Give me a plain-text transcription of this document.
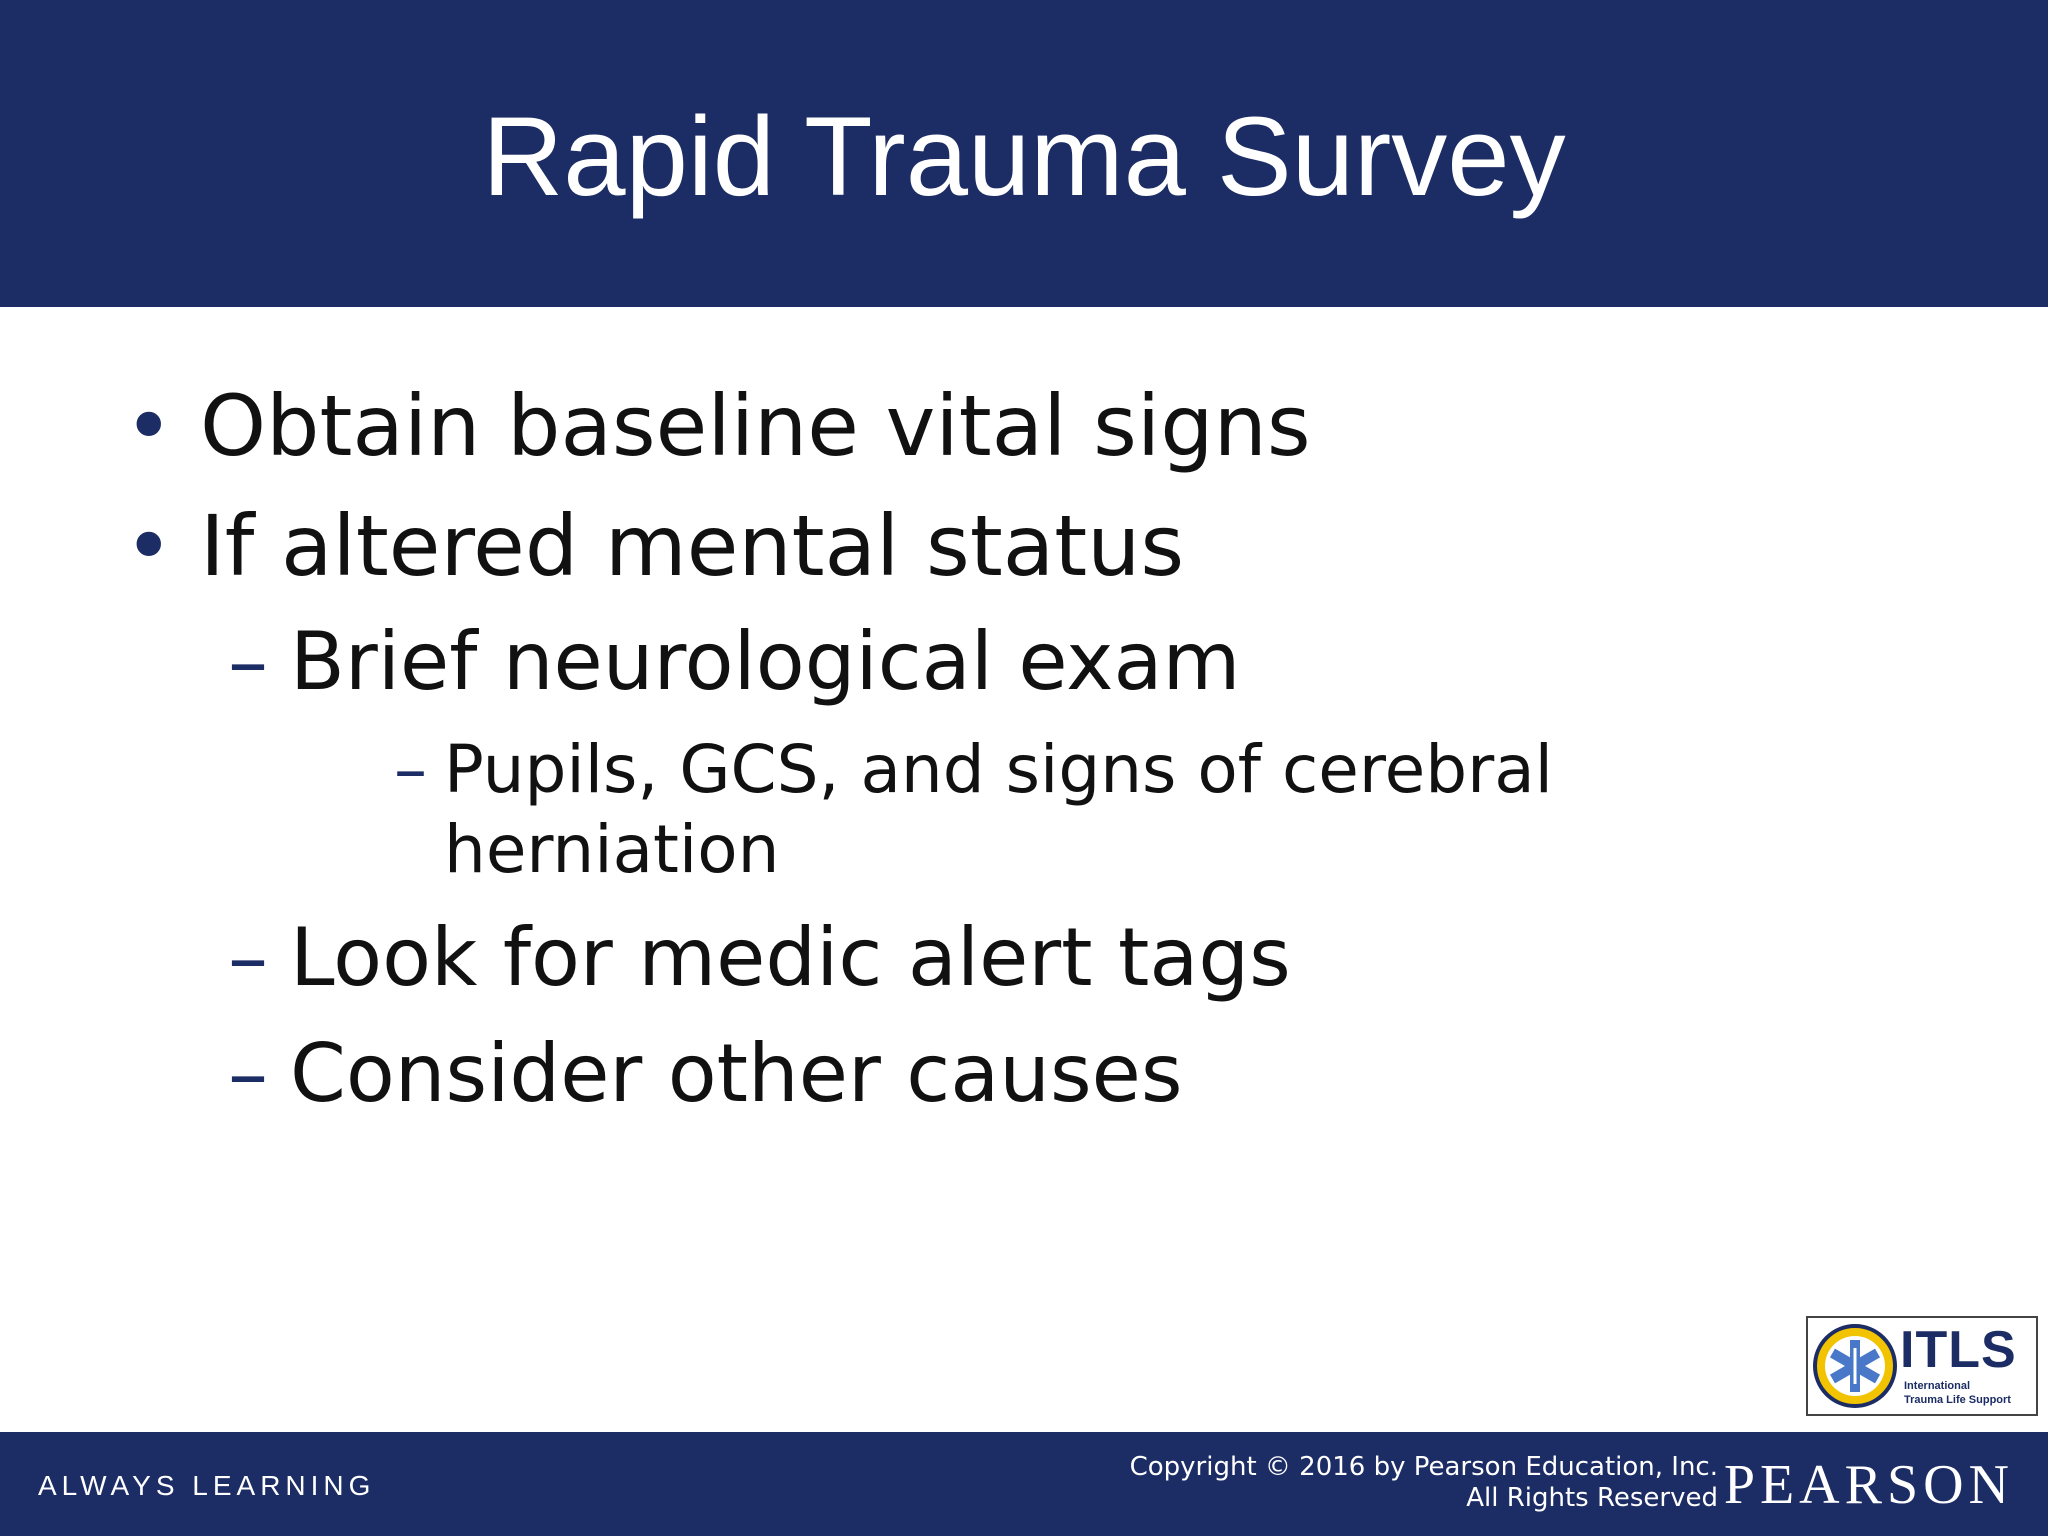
Rapid Trauma Survey
• Obtain baseline vital signs
• If altered mental status
– Brief neurological exam
– Pupils, GCS, and signs of cerebral
herniation
– Look for medic alert tags
– Consider other causes
ITLS
International
Trauma Life Support
ALWAYS LEARNING
Copyright © 2016 by Pearson Education, Inc.
All Rights Reserved PEARSON
